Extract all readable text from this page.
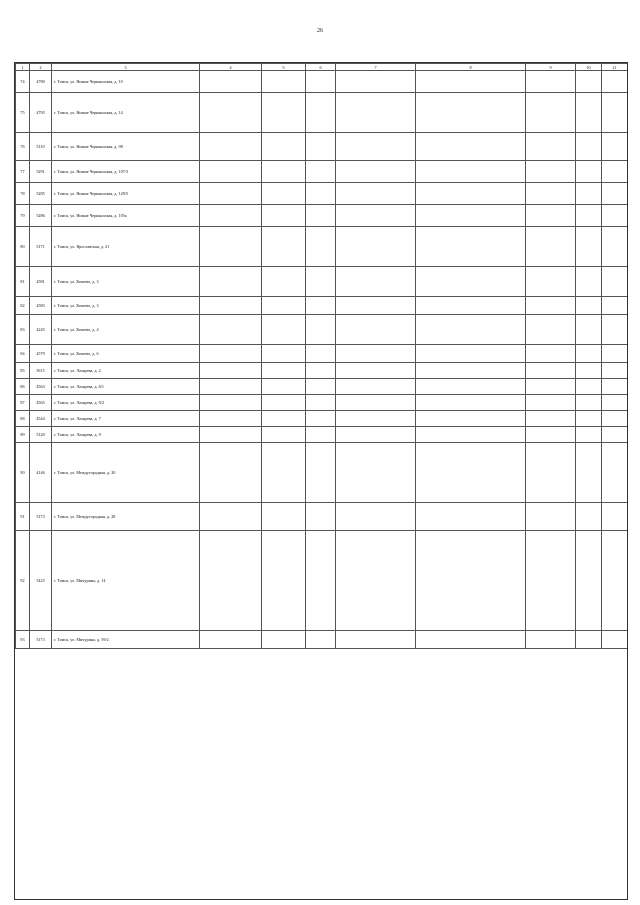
26
1	2	3	4	5	6	7	8	9	10	11
74	4780	г. Томск, ул. Нижне Чернышская, д. 10								
75	4795	г. Томск, ул. Нижне Чернышская, д. 14								
76	5110	г. Томск, ул. Нижне Чернышская, д. 98								
77	5291	г. Томск, ул. Нижне Чернышская, д. 107/3								
78	5285	г. Томск, ул. Нижне Чернышская, д. 129/5								
79	5286	г. Томск, ул. Нижне Чернышская, д. 105а								
80	5171	г. Томск, ул. Ярославская, д. 21								
81	4581	г. Томск, ул. Кошево, д. 3								
82	4583	г. Томск, ул. Кошево, д. 3								
83	4245	г. Томск, ул. Кошево, д. 4								
84	4579	г. Томск, ул. Кошево, д. 6								
85	5615	г. Томск, ул. Лазарева, д. 2								
86	4563	г. Томск, ул. Лазарева, д. 6/1								
87	4565	г. Томск, ул. Лазарева, д. 9/2								
88	4544	г. Томск, ул. Лазарева, д. 7								
89	5120	г. Томск, ул. Лазарева, д. 9								
90	4146	г. Томск, ул. Междугородная, д. 20								
91	5173	г. Томск, ул. Междугородная, д. 28								
92	5425	г. Томск, ул. Мичурина, д. 14								
93	5173	г. Томск, ул. Мичурина, д. 59/2								
